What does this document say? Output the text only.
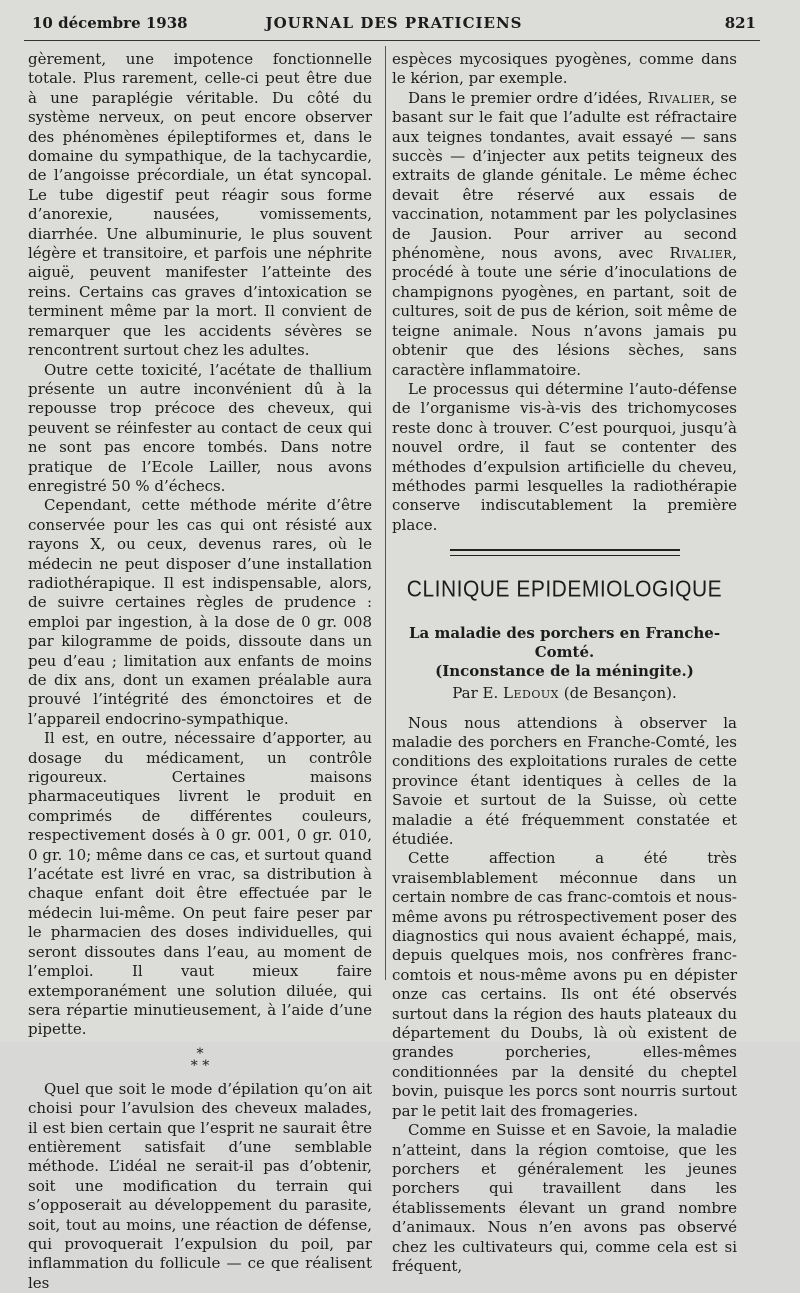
10 décembre 1938	JOURNAL DES PRATICIENS	821

gèrement, une impotence fonctionnelle totale. Plus rarement, celle-ci peut être due à une paraplégie véritable. Du côté du système nerveux, on peut encore observer des phénomènes épileptiformes et, dans le domaine du sympathique, de la tachycardie, de l’angoisse précordiale, un état syncopal. Le tube digestif peut réagir sous forme d’anorexie, nausées, vomissements, diarrhée. Une albuminurie, le plus souvent légère et transitoire, et parfois une néphrite aiguë, peuvent manifester l’atteinte des reins. Certains cas graves d’intoxication se terminent même par la mort. Il convient de remarquer que les accidents sévères se rencontrent surtout chez les adultes.

Outre cette toxicité, l’acétate de thallium présente un autre inconvénient dû à la repousse trop précoce des cheveux, qui peuvent se réinfester au contact de ceux qui ne sont pas encore tombés. Dans notre pratique de l’Ecole Lailler, nous avons enregistré 50 % d’échecs.

Cependant, cette méthode mérite d’être conservée pour les cas qui ont résisté aux rayons X, ou ceux, devenus rares, où le médecin ne peut disposer d’une installation radiothérapique. Il est indispensable, alors, de suivre certaines règles de prudence : emploi par ingestion, à la dose de 0 gr. 008 par kilogramme de poids, dissoute dans un peu d’eau ; limitation aux enfants de moins de dix ans, dont un examen préalable aura prouvé l’intégrité des émonctoires et de l’appareil endocrino-sympathique.

Il est, en outre, nécessaire d’apporter, au dosage du médicament, un contrôle rigoureux. Certaines maisons pharmaceutiques livrent le produit en comprimés de différentes couleurs, respectivement dosés à 0 gr. 001, 0 gr. 010, 0 gr. 10; même dans ce cas, et surtout quand l’acétate est livré en vrac, sa distribution à chaque enfant doit être effectuée par le médecin lui-même. On peut faire peser par le pharmacien des doses individuelles, qui seront dissoutes dans l’eau, au moment de l’emploi. Il vaut mieux faire extemporanément une solution diluée, qui sera répartie minutieusement, à l’aide d’une pipette.

*
* *

Quel que soit le mode d’épilation qu’on ait choisi pour l’avulsion des cheveux malades, il est bien certain que l’esprit ne saurait être entièrement satisfait d’une semblable méthode. L’idéal ne serait-il pas d’obtenir, soit une modification du terrain qui s’opposerait au développement du parasite, soit, tout au moins, une réaction de défense, qui provoquerait l’expulsion du poil, par inflammation du follicule — ce que réalisent les

espèces mycosiques pyogènes, comme dans le kérion, par exemple.

Dans le premier ordre d’idées, Rivalier, se basant sur le fait que l’adulte est réfractaire aux teignes tondantes, avait essayé — sans succès — d’injecter aux petits teigneux des extraits de glande génitale. Le même échec devait être réservé aux essais de vaccination, notamment par les polyclasines de Jausion. Pour arriver au second phénomène, nous avons, avec Rivalier, procédé à toute une série d’inoculations de champignons pyogènes, en partant, soit de cultures, soit de pus de kérion, soit même de teigne animale. Nous n’avons jamais pu obtenir que des lésions sèches, sans caractère inflammatoire.

Le processus qui détermine l’auto-défense de l’organisme vis-à-vis des trichomycoses reste donc à trouver. C’est pourquoi, jusqu’à nouvel ordre, il faut se contenter des méthodes d’expulsion artificielle du cheveu, méthodes parmi lesquelles la radiothérapie conserve indiscutablement la première place.

CLINIQUE EPIDEMIOLOGIQUE
La maladie des porchers en Franche-Comté.
(Inconstance de la méningite.)
Par E. Ledoux (de Besançon).

Nous nous attendions à observer la maladie des porchers en Franche-Comté, les conditions des exploitations rurales de cette province étant identiques à celles de la Savoie et surtout de la Suisse, où cette maladie a été fréquemment constatée et étudiée.

Cette affection a été très vraisemblablement méconnue dans un certain nombre de cas franc-comtois et nous-même avons pu rétrospectivement poser des diagnostics qui nous avaient échappé, mais, depuis quelques mois, nos confrères franc-comtois et nous-même avons pu en dépister onze cas certains. Ils ont été observés surtout dans la région des hauts plateaux du département du Doubs, là où existent de grandes porcheries, elles-mêmes conditionnées par la densité du cheptel bovin, puisque les porcs sont nourris surtout par le petit lait des fromageries.

Comme en Suisse et en Savoie, la maladie n’atteint, dans la région comtoise, que les porchers et généralement les jeunes porchers qui travaillent dans les établissements élevant un grand nombre d’animaux. Nous n’en avons pas observé chez les cultivateurs qui, comme cela est si fréquent,
